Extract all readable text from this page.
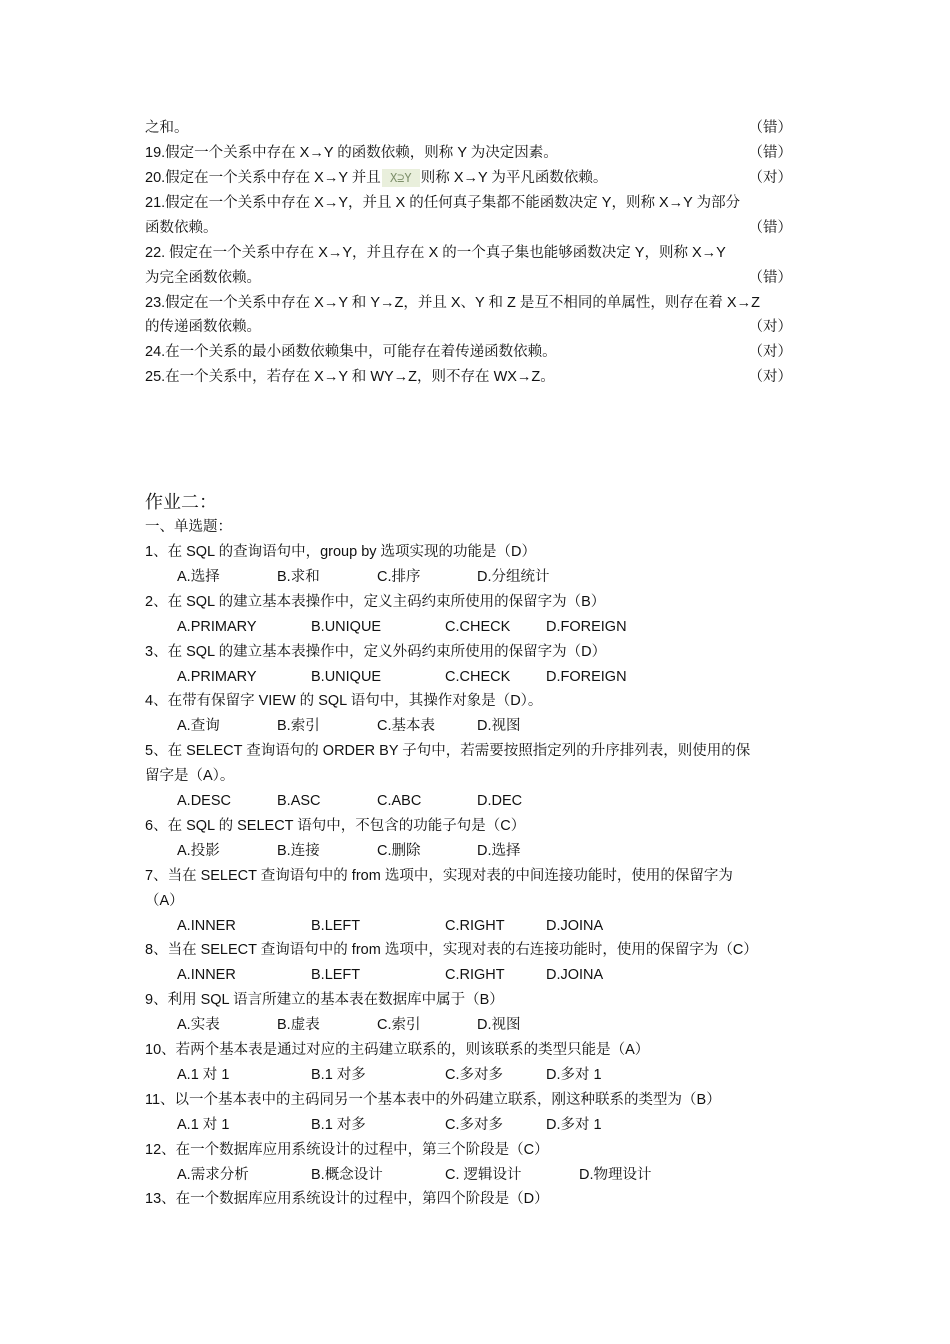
之和。	（错）
19.假定一个关系中存在 X→Y 的函数依赖，则称 Y 为决定因素。	（错）
20.假定在一个关系中存在 X→Y 并且 X⊇Y 则称 X→Y 为平凡函数依赖。	（对）
21.假定在一个关系中存在 X→Y，并且 X 的任何真子集都不能函数决定 Y，则称 X→Y 为部分
函数依赖。	（错）
22. 假定在一个关系中存在 X→Y，并且存在 X 的一个真子集也能够函数决定 Y，则称 X→Y
为完全函数依赖。	（错）
23.假定在一个关系中存在 X→Y 和 Y→Z，并且 X、Y 和 Z 是互不相同的单属性，则存在着 X→Z
的传递函数依赖。	（对）
24.在一个关系的最小函数依赖集中，可能存在着传递函数依赖。	（对）
25.在一个关系中，若存在 X→Y 和 WY→Z，则不存在 WX→Z。	（对）
作业二：
一、单选题：
1、在 SQL 的查询语句中，group by 选项实现的功能是（D）
A.选择	B.求和	C.排序	D.分组统计
2、在 SQL 的建立基本表操作中，定义主码约束所使用的保留字为（B）
A.PRIMARY	B.UNIQUE	C.CHECK D.FOREIGN
3、在 SQL 的建立基本表操作中，定义外码约束所使用的保留字为（D）
A.PRIMARY	B.UNIQUE	C.CHECK D.FOREIGN
4、在带有保留字 VIEW 的 SQL 语句中，其操作对象是（D）。
A.查询	B.索引	C.基本表	D.视图
5、在 SELECT 查询语句的 ORDER BY 子句中，若需要按照指定列的升序排列表，则使用的保
留字是（A）。
A.DESC	B.ASC	C.ABC	D.DEC
6、在 SQL 的 SELECT 语句中，不包含的功能子句是（C）
A.投影	B.连接	C.删除	D.选择
7、当在 SELECT 查询语句中的 from 选项中，实现对表的中间连接功能时，使用的保留字为
（A）
A.INNER	B.LEFT	C.RIGHT	D.JOINA
8、当在 SELECT 查询语句中的 from 选项中，实现对表的右连接功能时，使用的保留字为（C）
A.INNER	B.LEFT	C.RIGHT	D.JOINA
9、利用 SQL 语言所建立的基本表在数据库中属于（B）
A.实表	B.虚表	C.索引	D.视图
10、若两个基本表是通过对应的主码建立联系的，则该联系的类型只能是（A）
A.1 对 1	B.1 对多	C.多对多	D.多对 1
11、以一个基本表中的主码同另一个基本表中的外码建立联系，刚这种联系的类型为（B）
A.1 对 1	B.1 对多	C.多对多	D.多对 1
12、在一个数据库应用系统设计的过程中，第三个阶段是（C）
A.需求分析	B.概念设计	C. 逻辑设计	D.物理设计
13、在一个数据库应用系统设计的过程中，第四个阶段是（D）
